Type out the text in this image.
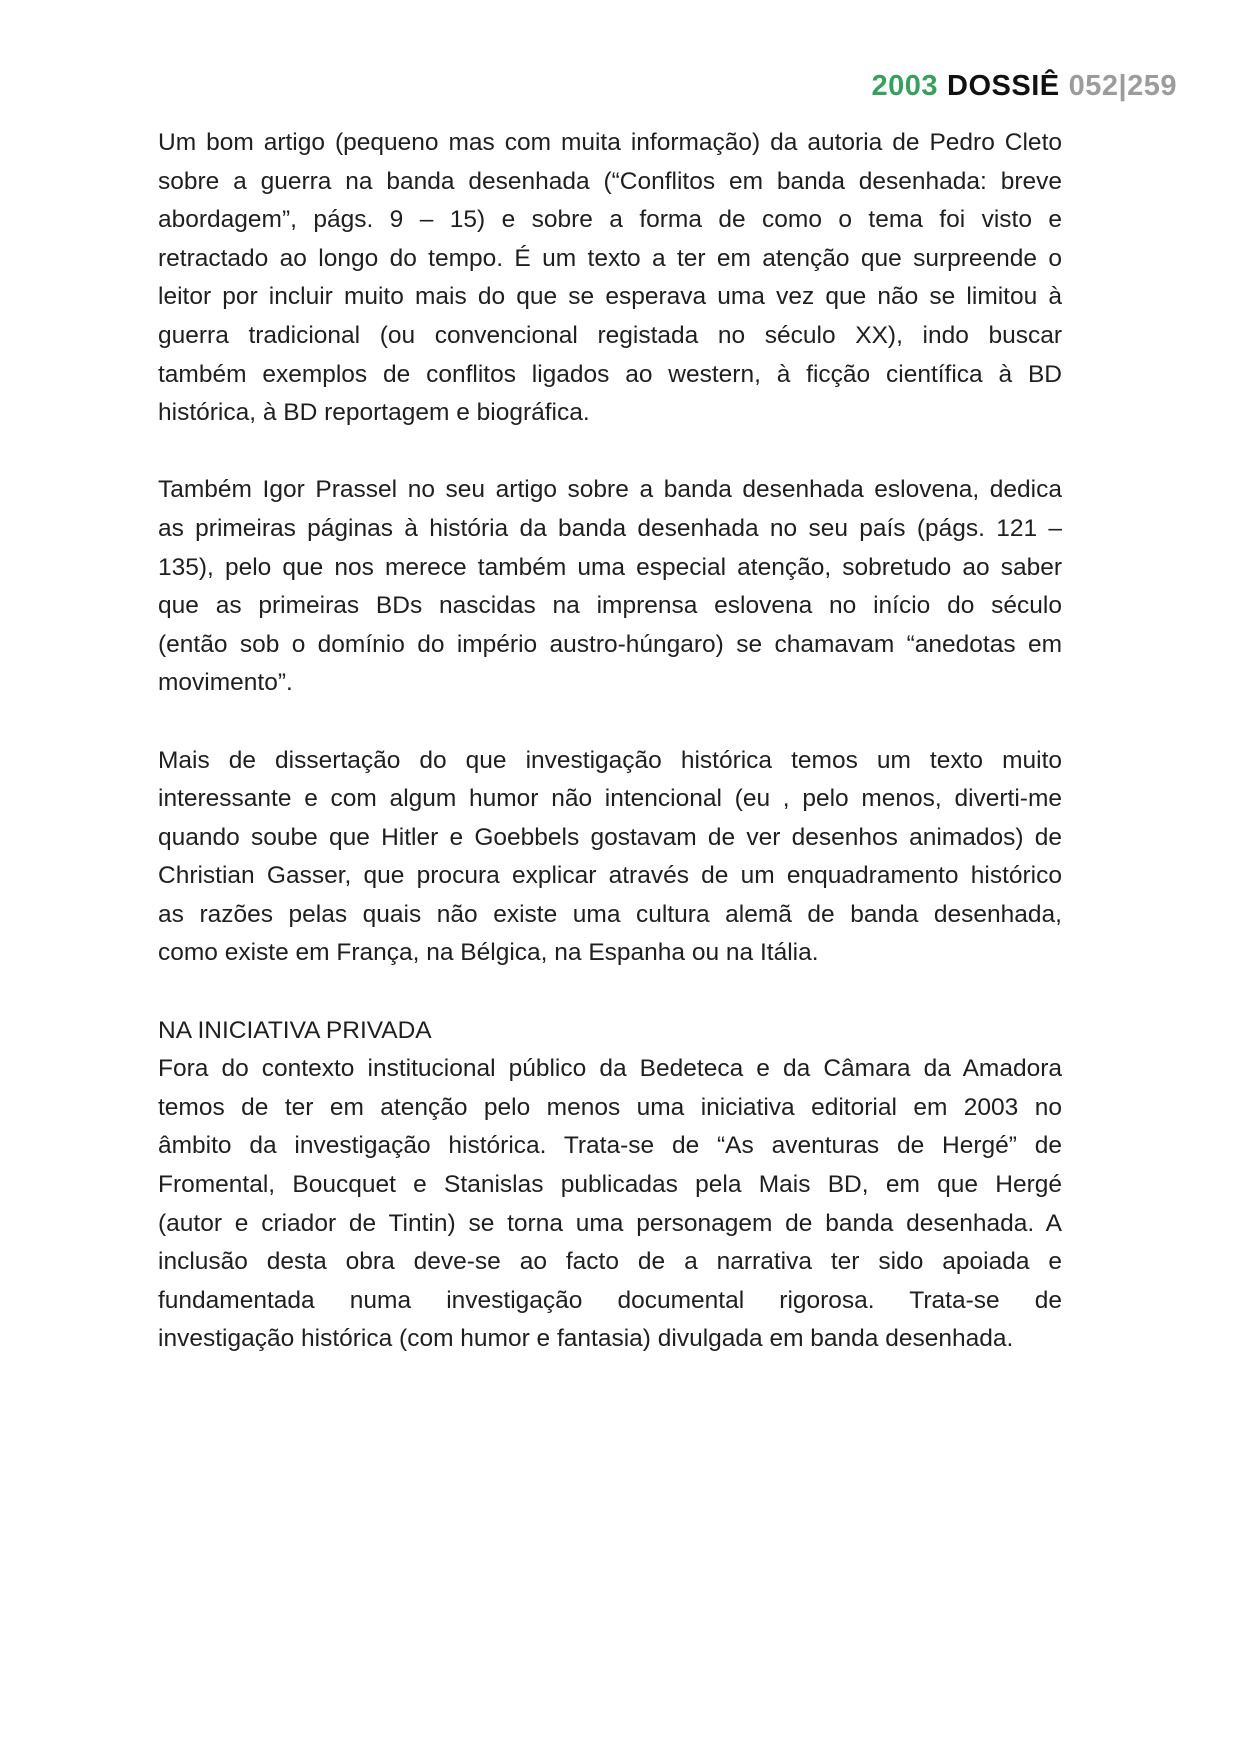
2003 DOSSIÊ 052|259
Um bom artigo (pequeno mas com muita informação) da autoria de Pedro Cleto
sobre a guerra na banda desenhada (“Conflitos em banda desenhada: breve
abordagem”, págs. 9 – 15) e sobre a forma de como o tema foi visto e
retractado ao longo do tempo. É um texto a ter em atenção que surpreende o
leitor por incluir muito mais do que se esperava uma vez que não se limitou à
guerra tradicional (ou convencional registada no século XX), indo buscar
também exemplos de conflitos ligados ao western, à ficção científica à BD
histórica, à BD reportagem e biográfica.
Também Igor Prassel no seu artigo sobre a banda desenhada eslovena, dedica
as primeiras páginas à história da banda desenhada no seu país (págs. 121 –
135), pelo que nos merece também uma especial atenção, sobretudo ao saber
que as primeiras BDs nascidas na imprensa eslovena no início do século
(então sob o domínio do império austro-húngaro) se chamavam “anedotas em
movimento”.
Mais de dissertação do que investigação histórica temos um texto muito
interessante e com algum humor não intencional (eu , pelo menos, diverti-me
quando soube que Hitler e Goebbels gostavam de ver desenhos animados) de
Christian Gasser, que procura explicar através de um enquadramento histórico
as razões pelas quais não existe uma cultura alemã de banda desenhada,
como existe em França, na Bélgica, na Espanha ou na Itália.
NA INICIATIVA PRIVADA
Fora do contexto institucional público da Bedeteca e da Câmara da Amadora
temos de ter em atenção pelo menos uma iniciativa editorial em 2003 no
âmbito da investigação histórica. Trata-se de “As aventuras de Hergé” de
Fromental, Boucquet e Stanislas publicadas pela Mais BD, em que Hergé
(autor e criador de Tintin) se torna uma personagem de banda desenhada. A
inclusão desta obra deve-se ao facto de a narrativa ter sido apoiada e
fundamentada numa investigação documental rigorosa. Trata-se de
investigação histórica (com humor e fantasia) divulgada em banda desenhada.
